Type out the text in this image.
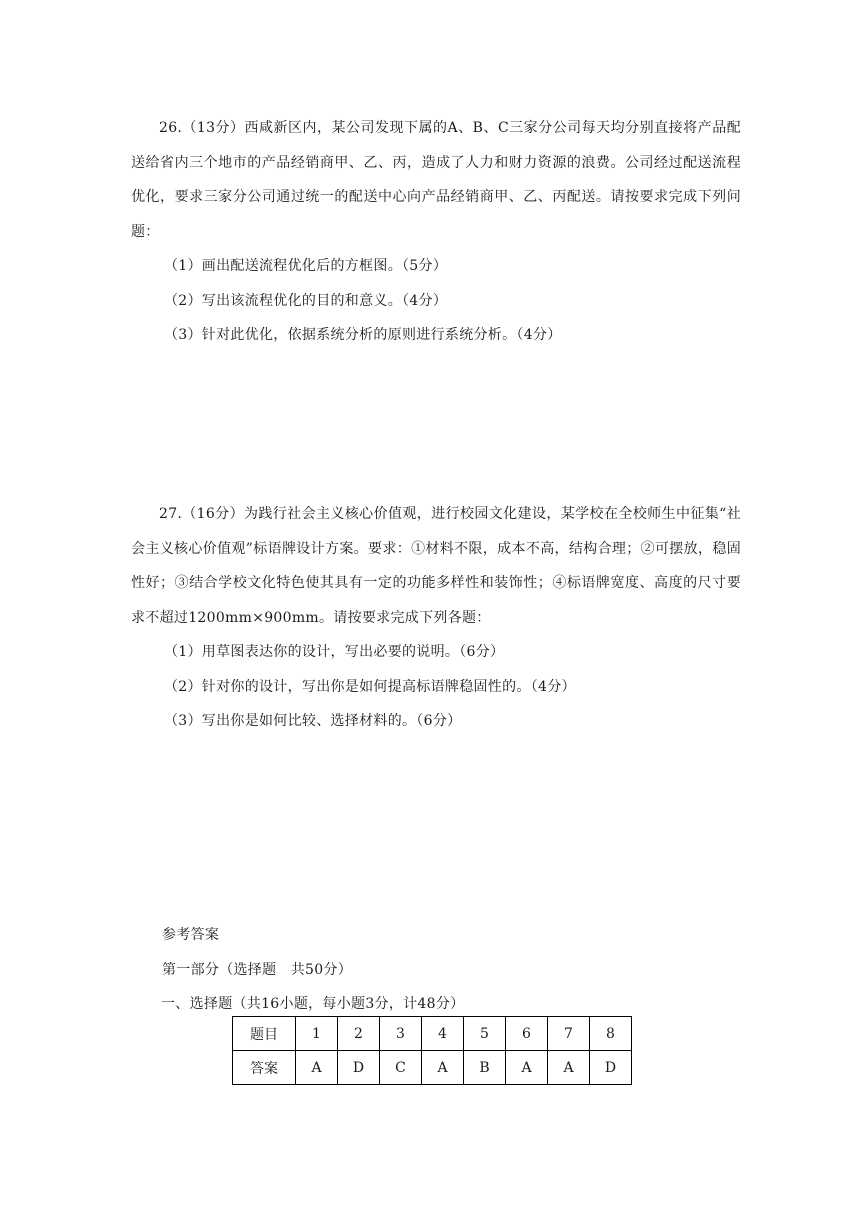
26.（13分）西咸新区内，某公司发现下属的A、B、C三家分公司每天均分别直接将产品配送给省内三个地市的产品经销商甲、乙、丙，造成了人力和财力资源的浪费。公司经过配送流程优化，要求三家分公司通过统一的配送中心向产品经销商甲、乙、丙配送。请按要求完成下列问题：

（1）画出配送流程优化后的方框图。（5分）

（2）写出该流程优化的目的和意义。（4分）

（3）针对此优化，依据系统分析的原则进行系统分析。（4分）

27.（16分）为践行社会主义核心价值观，进行校园文化建设，某学校在全校师生中征集“社会主义核心价值观”标语牌设计方案。要求：①材料不限，成本不高，结构合理；②可摆放，稳固性好；③结合学校文化特色使其具有一定的功能多样性和装饰性；④标语牌宽度、高度的尺寸要求不超过1200mm×900mm。请按要求完成下列各题：

（1）用草图表达你的设计，写出必要的说明。（6分）

（2）针对你的设计，写出你是如何提高标语牌稳固性的。（4分）

（3）写出你是如何比较、选择材料的。（6分）

参考答案

第一部分（选择题　共50分）

一、选择题（共16小题，每小题3分，计48分）

题目	1	2	3	4	5	6	7	8
答案	A	D	C	A	B	A	A	D
